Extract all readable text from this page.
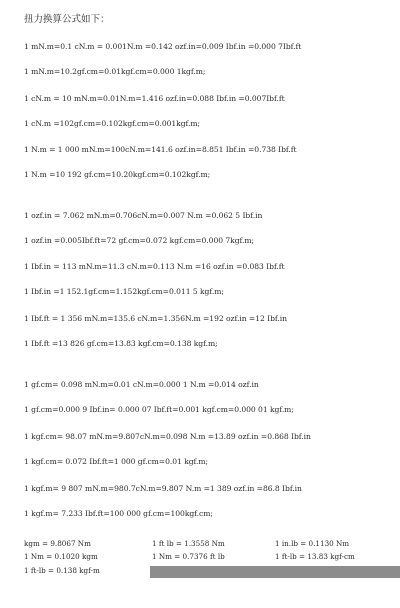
扭力换算公式如下：
1 mN.m=0.1 cN.m = 0.001N.m =0.142 ozf.in=0.009 Ibf.in =0.000 7Ibf.ft
1 mN.m=10.2gf.cm=0.01kgf.cm=0.000 1kgf.m;
1 cN.m = 10 mN.m=0.01N.m=1.416 ozf.in=0.088 Ibf.in =0.007Ibf.ft
1 cN.m =102gf.cm=0.102kgf.cm=0.001kgf.m;
1 N.m = 1 000 mN.m=100cN.m=141.6 ozf.in=8.851 Ibf.in =0.738 Ibf.ft
1 N.m =10 192 gf.cm=10.20kgf.cm=0.102kgf.m;
1 ozf.in = 7.062 mN.m=0.706cN.m=0.007 N.m =0.062 5 Ibf.in
1 ozf.in =0.005Ibf.ft=72 gf.cm=0.072 kgf.cm=0.000 7kgf.m;
1 Ibf.in = 113 mN.m=11.3 cN.m=0.113 N.m =16 ozf.in =0.083 Ibf.ft
1 Ibf.in =1 152.1gf.cm=1.152kgf.cm=0.011 5 kgf.m;
1 Ibf.ft = 1 356 mN.m=135.6 cN.m=1.356N.m =192 ozf.in =12 Ibf.in
1 Ibf.ft =13 826 gf.cm=13.83 kgf.cm=0.138 kgf.m;
1 gf.cm= 0.098 mN.m=0.01 cN.m=0.000 1 N.m =0.014 ozf.in
1 gf.cm=0.000 9 Ibf.in= 0.000 07 Ibf.ft=0.001 kgf.cm=0.000 01 kgf.m;
1 kgf.cm= 98.07 mN.m=9.807cN.m=0.098 N.m =13.89 ozf.in =0.868 Ibf.in
1 kgf.cm= 0.072 Ibf.ft=1 000 gf.cm=0.01 kgf.m;
1 kgf.m= 9 807 mN.m=980.7cN.m=9.807 N.m =1 389 ozf.in =86.8 Ibf.in
1 kgf.m= 7.233 Ibf.ft=100 000 gf.cm=100kgf.cm;
kgm = 9.8067 Nm	1 ft lb = 1.3558 Nm	1 in.lb = 0.1130 Nm
1 Nm = 0.1020 kgm	1 Nm = 0.7376 ft lb	1 ft-lb = 13.83 kgf-cm
1 ft-lb = 0.138 kgf-m
